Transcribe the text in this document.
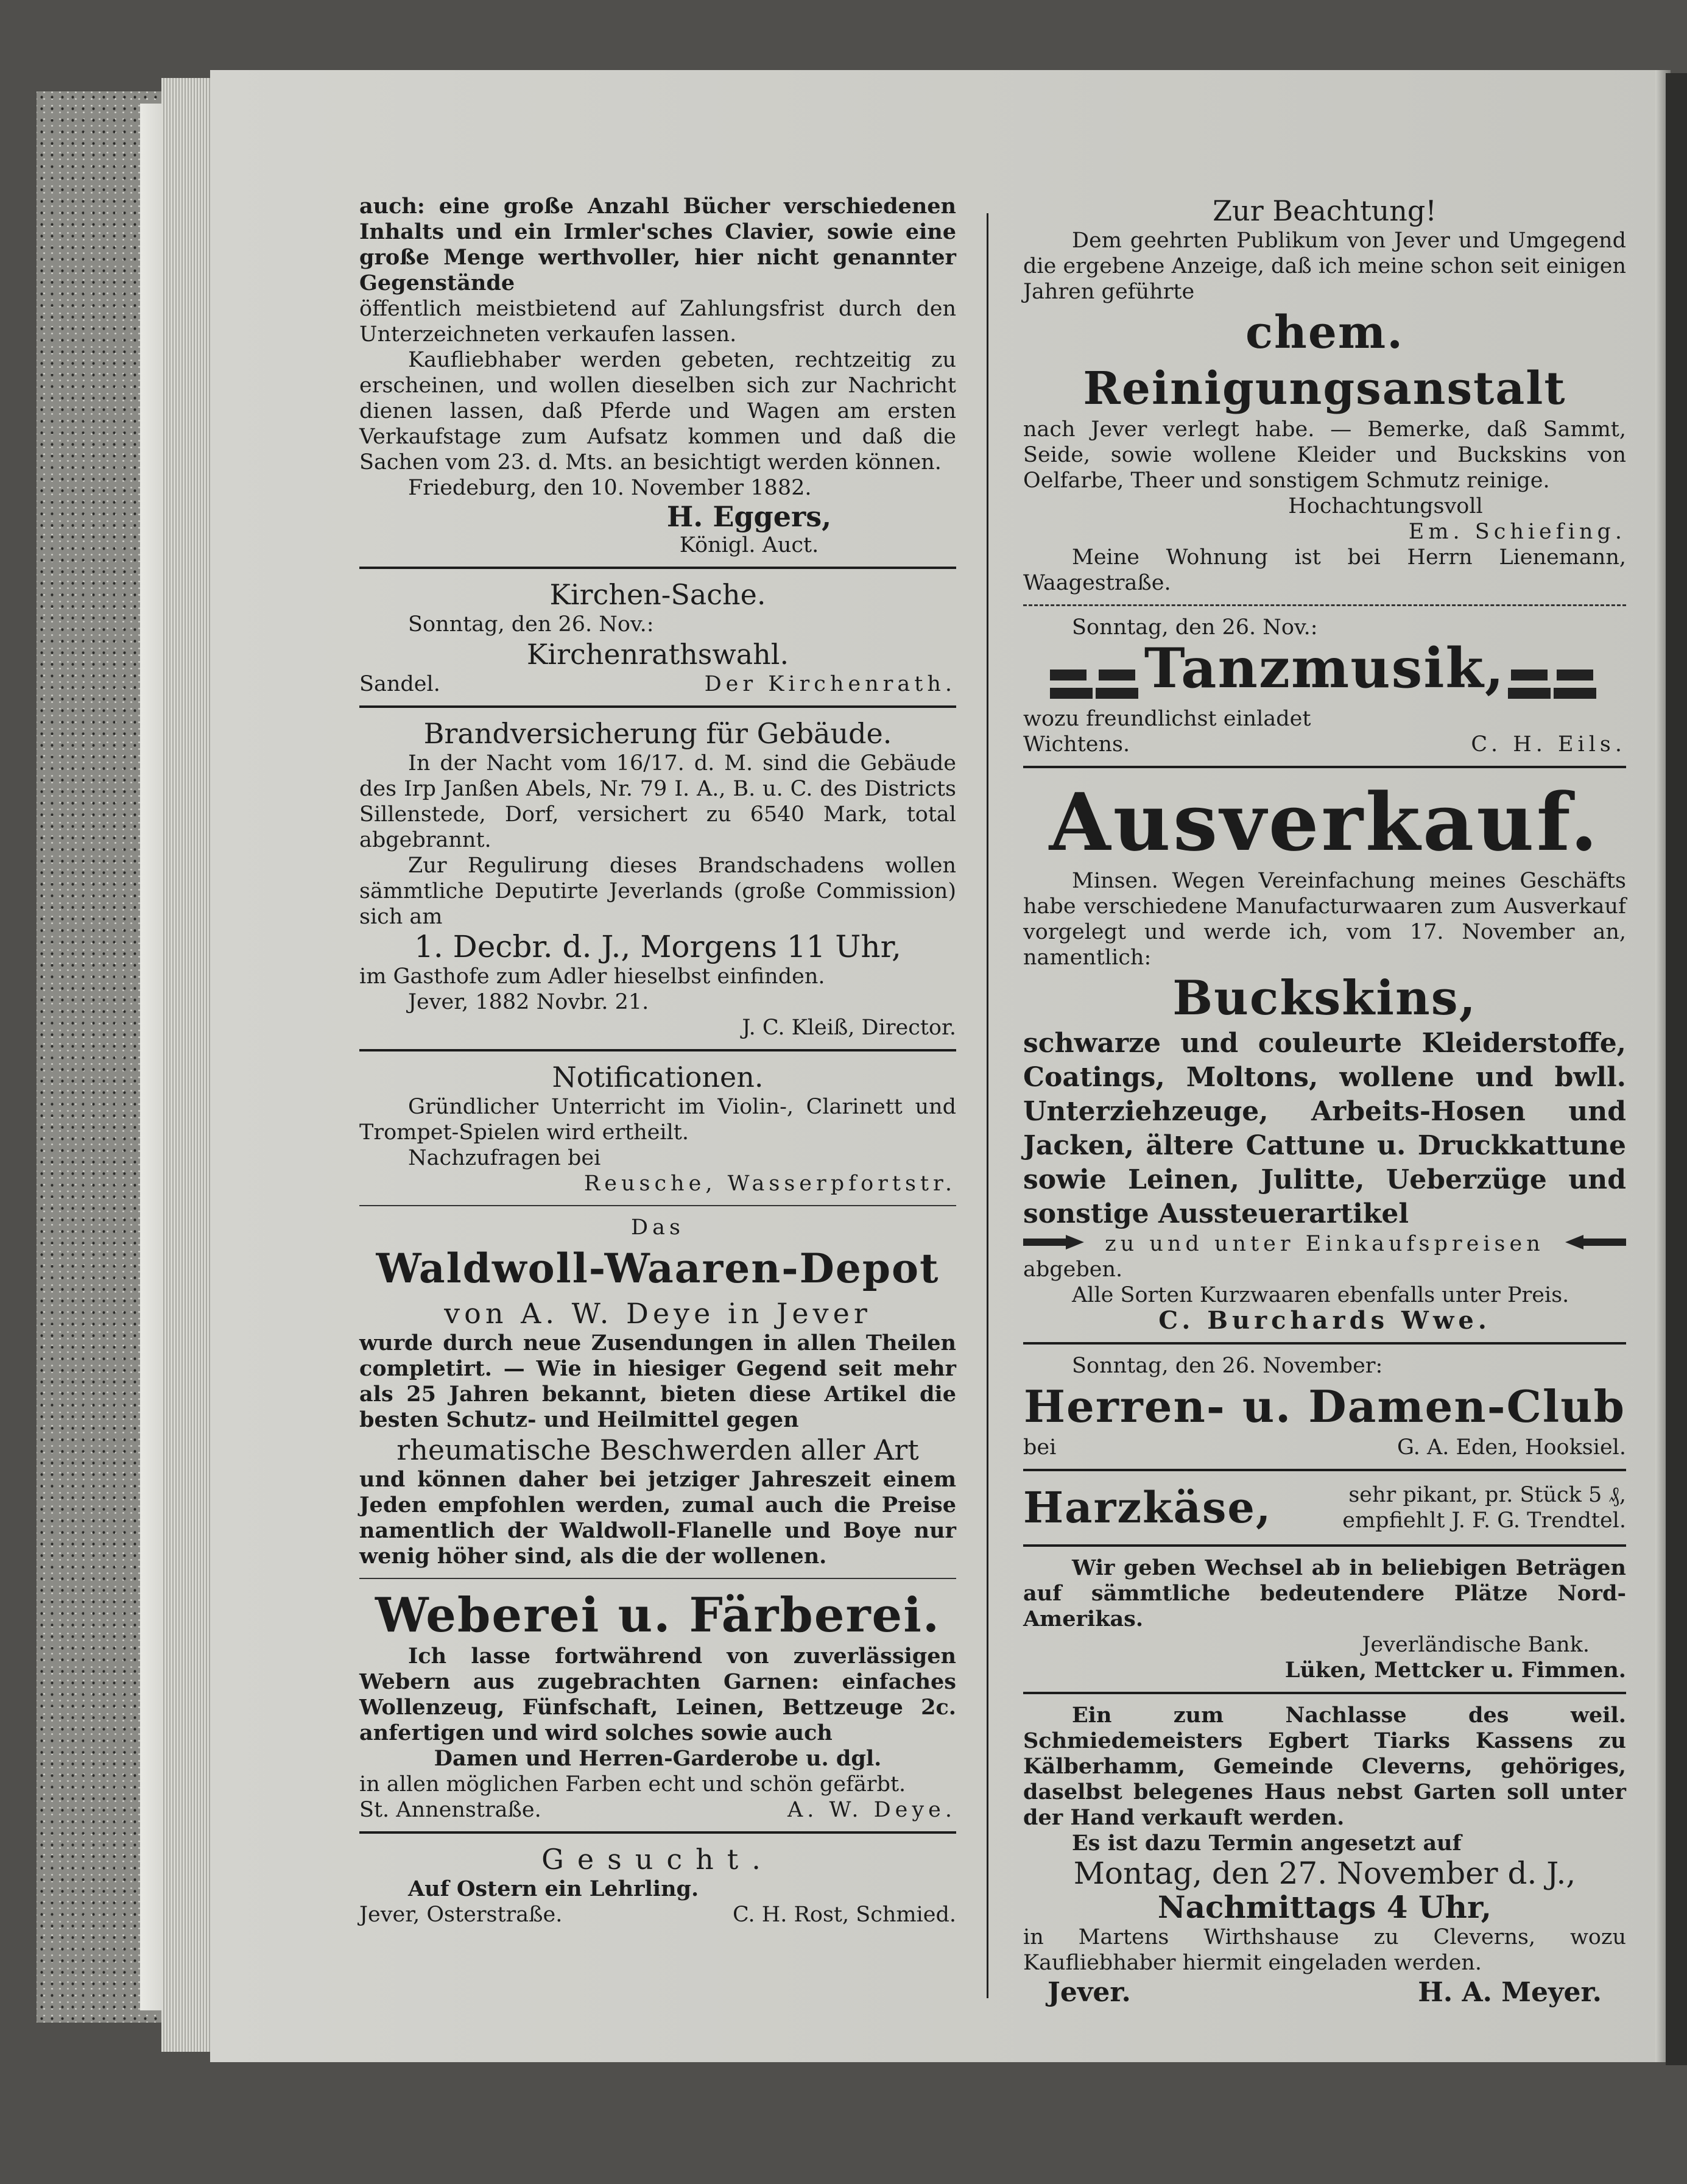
auch: eine große Anzahl Bücher verschiedenen Inhalts und ein Irmler'sches Clavier, sowie eine große Menge werthvoller, hier nicht genannter Gegenstände

öffentlich meistbietend auf Zahlungsfrist durch den Unterzeichneten verkaufen lassen.

Kaufliebhaber werden gebeten, rechtzeitig zu erscheinen, und wollen dieselben sich zur Nachricht dienen lassen, daß Pferde und Wagen am ersten Verkaufstage zum Aufsatz kommen und daß die Sachen vom 23. d. Mts. an besichtigt werden können.

Friedeburg, den 10. November 1882.

H. Eggers,

Königl. Auct.

Kirchen-Sache.

Sonntag, den 26. Nov.:

Kirchenrathswahl.

Sandel.	Der Kirchenrath.

Brandversicherung für Gebäude.

In der Nacht vom 16/17. d. M. sind die Gebäude des Irp Janßen Abels, Nr. 79 I. A., B. u. C. des Districts Sillenstede, Dorf, versichert zu 6540 Mark, total abgebrannt.

Zur Regulirung dieses Brandschadens wollen sämmtliche Deputirte Jeverlands (große Commission) sich am

1. Decbr. d. J., Morgens 11 Uhr,

im Gasthofe zum Adler hieselbst einfinden.

Jever, 1882 Novbr. 21.

J. C. Kleiß, Director.

Notificationen.

Gründlicher Unterricht im Violin-, Clarinett und Trompet-Spielen wird ertheilt.

Nachzufragen bei

Reusche, Wasserpfortstr.

Das

Waldwoll-Waaren-Depot

von A. W. Deye in Jever

wurde durch neue Zusendungen in allen Theilen completirt. — Wie in hiesiger Gegend seit mehr als 25 Jahren bekannt, bieten diese Artikel die besten Schutz- und Heilmittel gegen

rheumatische Beschwerden aller Art

und können daher bei jetziger Jahreszeit einem Jeden empfohlen werden, zumal auch die Preise namentlich der Waldwoll-Flanelle und Boye nur wenig höher sind, als die der wollenen.

Weberei u. Färberei.

Ich lasse fortwährend von zuverlässigen Webern aus zugebrachten Garnen: einfaches Wollenzeug, Fünfschaft, Leinen, Bettzeuge 2c. anfertigen und wird solches sowie auch

Damen und Herren-Garderobe u. dgl.

in allen möglichen Farben echt und schön gefärbt.

St. Annenstraße.	A. W. Deye.

Gesucht.

Auf Ostern ein Lehrling.

Jever, Osterstraße.	C. H. Rost, Schmied.

Zur Beachtung!

Dem geehrten Publikum von Jever und Umgegend die ergebene Anzeige, daß ich meine schon seit einigen Jahren geführte

chem. Reinigungsanstalt

nach Jever verlegt habe. — Bemerke, daß Sammt, Seide, sowie wollene Kleider und Buckskins von Oelfarbe, Theer und sonstigem Schmutz reinige.

Hochachtungsvoll

Em. Schiefing.

Meine Wohnung ist bei Herrn Lienemann, Waagestraße.

Sonntag, den 26. Nov.:

Tanzmusik,

wozu freundlichst einladet

Wichtens.	C. H. Eils.

Ausverkauf.

Minsen. Wegen Vereinfachung meines Geschäfts habe verschiedene Manufacturwaaren zum Ausverkauf vorgelegt und werde ich, vom 17. November an, namentlich:

Buckskins,

schwarze und couleurte Kleiderstoffe, Coatings, Moltons, wollene und bwll. Unterziehzeuge, Arbeits-Hosen und Jacken, ältere Cattune u. Druckkattune sowie Leinen, Julitte, Ueberzüge und sonstige Aussteuerartikel

zu und unter Einkaufspreisen

abgeben.

Alle Sorten Kurzwaaren ebenfalls unter Preis.

C. Burchards Wwe.

Sonntag, den 26. November:

Herren- u. Damen-Club

bei	G. A. Eden, Hooksiel.
Harzkäse,	sehr pikant, pr. Stück 5 ₰,

empfiehlt J. F. G. Trendtel.

Wir geben Wechsel ab in beliebigen Beträgen auf sämmtliche bedeutendere Plätze Nord-Amerikas.

Jeverländische Bank.

Lüken, Mettcker u. Fimmen.

Ein zum Nachlasse des weil. Schmiedemeisters Egbert Tiarks Kassens zu Kälberhamm, Gemeinde Cleverns, gehöriges, daselbst belegenes Haus nebst Garten soll unter der Hand verkauft werden.

Es ist dazu Termin angesetzt auf

Montag, den 27. November d. J.,

Nachmittags 4 Uhr,

in Martens Wirthshause zu Cleverns, wozu Kaufliebhaber hiermit eingeladen werden.

Jever.	H. A. Meyer.
